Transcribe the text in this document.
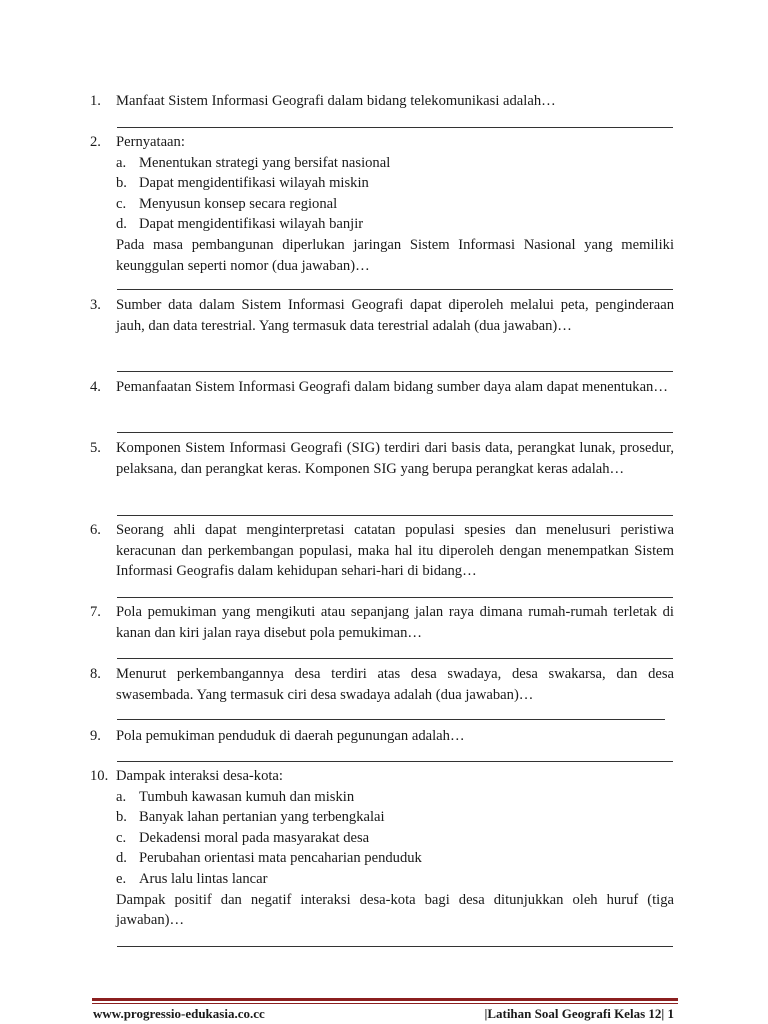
1. Manfaat Sistem Informasi Geografi dalam bidang telekomunikasi adalah…

2. Pernyataan:

a. Menentukan strategi yang bersifat nasional
b. Dapat mengidentifikasi wilayah miskin
c. Menyusun konsep secara regional
d. Dapat mengidentifikasi wilayah banjir

Pada masa pembangunan diperlukan jaringan Sistem Informasi Nasional yang memiliki keunggulan seperti nomor (dua jawaban)…

3. Sumber data dalam Sistem Informasi Geografi dapat diperoleh melalui peta, penginderaan jauh, dan data terestrial. Yang termasuk data terestrial adalah (dua jawaban)…

4. Pemanfaatan Sistem Informasi Geografi dalam bidang sumber daya alam dapat menentukan…

5. Komponen Sistem Informasi Geografi (SIG) terdiri dari basis data, perangkat lunak, prosedur, pelaksana, dan perangkat keras. Komponen SIG yang berupa perangkat keras adalah…

6. Seorang ahli dapat menginterpretasi catatan populasi spesies dan menelusuri peristiwa keracunan dan perkembangan populasi, maka hal itu diperoleh dengan menempatkan Sistem Informasi Geografis dalam kehidupan sehari-hari di bidang…

7. Pola pemukiman yang mengikuti atau sepanjang jalan raya dimana rumah-rumah terletak di kanan dan kiri jalan raya disebut pola pemukiman…

8. Menurut perkembangannya desa terdiri atas desa swadaya, desa swakarsa, dan desa swasembada. Yang termasuk ciri desa swadaya adalah (dua jawaban)…

9. Pola pemukiman penduduk di daerah pegunungan adalah…

10. Dampak interaksi desa-kota:

a. Tumbuh kawasan kumuh dan miskin
b. Banyak lahan pertanian yang terbengkalai
c. Dekadensi moral pada masyarakat desa
d. Perubahan orientasi mata pencaharian penduduk
e. Arus lalu lintas lancar

Dampak positif dan negatif interaksi desa-kota bagi desa ditunjukkan oleh huruf (tiga jawaban)…

www.progressio-edukasia.co.cc	|Latihan Soal Geografi Kelas 12| 1
